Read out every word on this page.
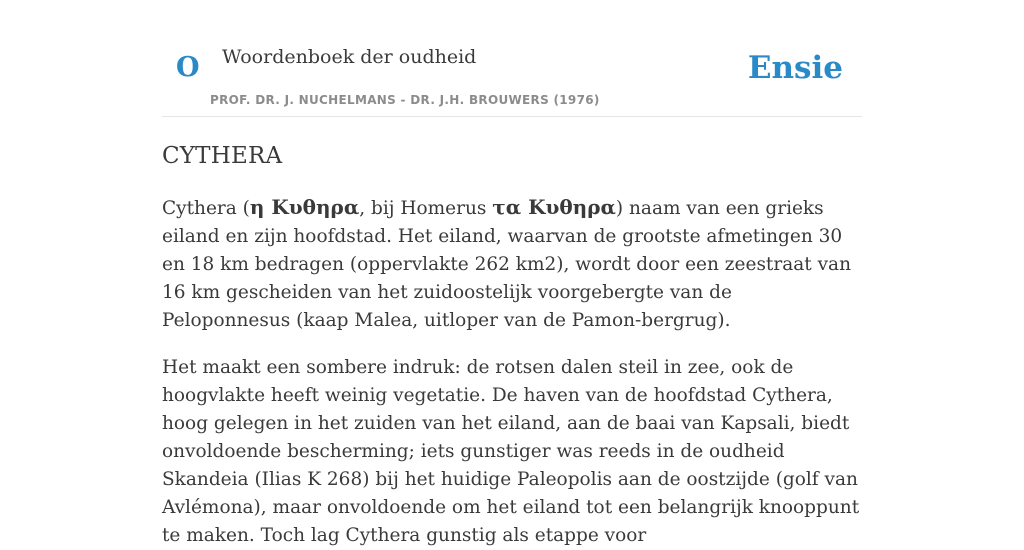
O Woordenboek der oudheid
PROF. DR. J. NUCHELMANS - DR. J.H. BROUWERS (1976)
Ensie
CYTHERA

Cythera (η Κυθηρα, bij Homerus τα Κυθηρα) naam van een grieks eiland en zijn hoofdstad. Het eiland, waarvan de grootste afmetingen 30 en 18 km bedragen (oppervlakte 262 km2), wordt door een zeestraat van 16 km gescheiden van het zuidoostelijk voorgebergte van de Peloponnesus (kaap Malea, uitloper van de Pamon-bergrug).

Het maakt een sombere indruk: de rotsen dalen steil in zee, ook de hoogvlakte heeft weinig vegetatie. De haven van de hoofdstad Cythera, hoog gelegen in het zuiden van het eiland, aan de baai van Kapsali, biedt onvoldoende bescherming; iets gunstiger was reeds in de oudheid Skandeia (Ilias K 268) bij het huidige Paleopolis aan de oostzijde (golf van Avlémona), maar onvoldoende om het eiland tot een belangrijk knooppunt te maken. Toch lag Cythera gunstig als etappe voor
